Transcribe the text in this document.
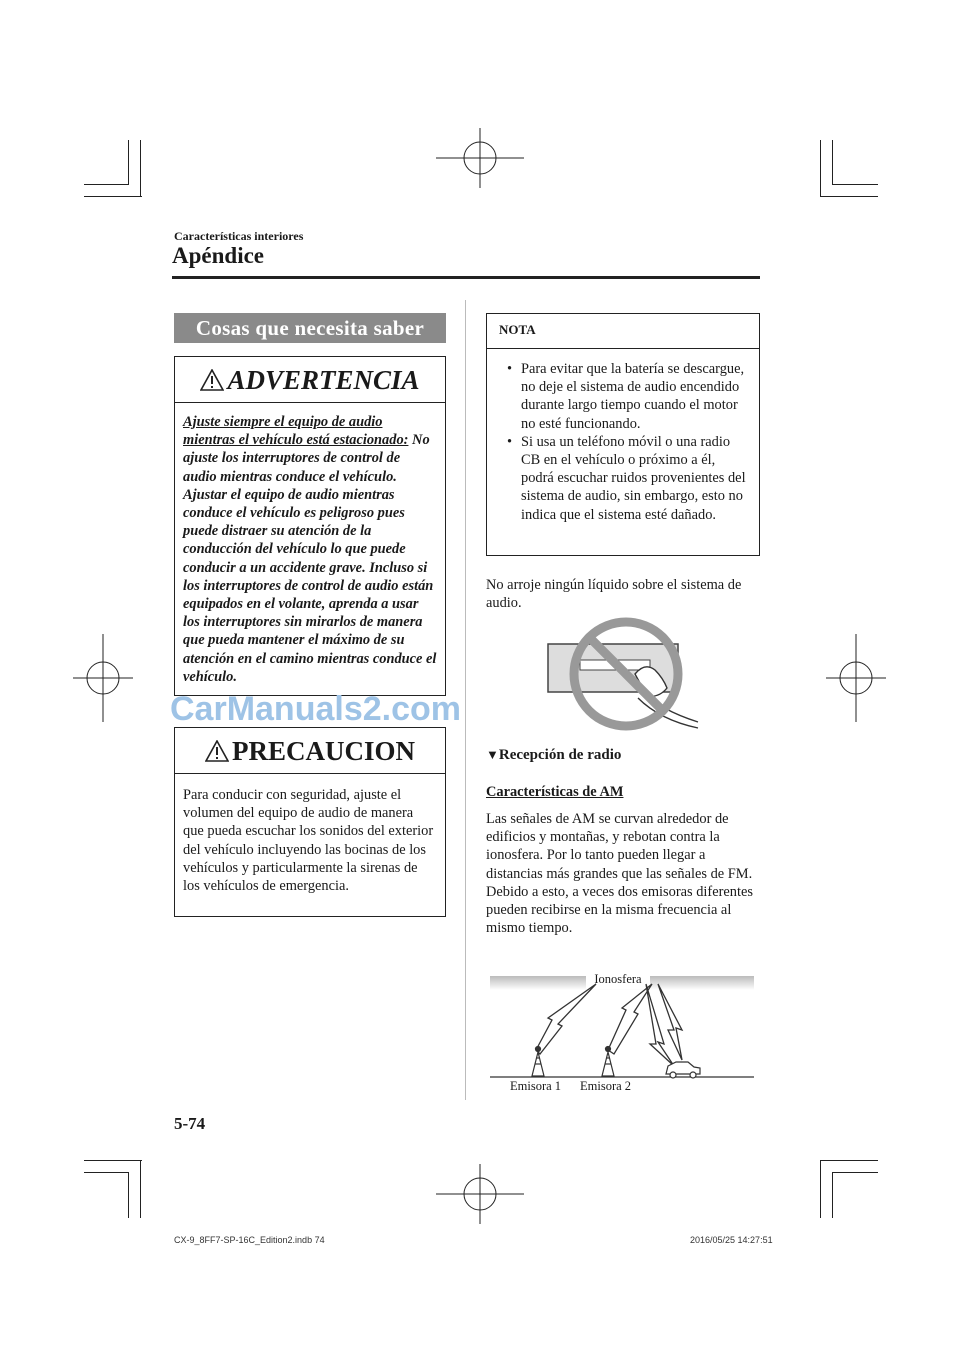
Características interiores
Apéndice
Cosas que necesita saber
ADVERTENCIA
Ajuste siempre el equipo de audio mientras el vehículo está estacionado: No ajuste los interruptores de control de audio mientras conduce el vehículo. Ajustar el equipo de audio mientras conduce el vehículo es peligroso pues puede distraer su atención de la conducción del vehículo lo que puede conducir a un accidente grave. Incluso si los interruptores de control de audio están equipados en el volante, aprenda a usar los interruptores sin mirarlos de manera que pueda mantener el máximo de su atención en el camino mientras conduce el vehículo.
CarManuals2.com
PRECAUCION
Para conducir con seguridad, ajuste el volumen del equipo de audio de manera que pueda escuchar los sonidos del exterior del vehículo incluyendo las bocinas de los vehículos y particularmente la sirenas de los vehículos de emergencia.
NOTA
• Para evitar que la batería se descargue, no deje el sistema de audio encendido durante largo tiempo cuando el motor no esté funcionando.
• Si usa un teléfono móvil o una radio CB en el vehículo o próximo a él, podrá escuchar ruidos provenientes del sistema de audio, sin embargo, esto no indica que el sistema esté dañado.
No arroje ningún líquido sobre el sistema de audio.
▼Recepción de radio
Características de AM
Las señales de AM se curvan alrededor de edificios y montañas, y rebotan contra la ionosfera. Por lo tanto pueden llegar a distancias más grandes que las señales de FM. Debido a esto, a veces dos emisoras diferentes pueden recibirse en la misma frecuencia al mismo tiempo.
Ionosfera
Emisora 1 Emisora 2
5-74
CX-9_8FF7-SP-16C_Edition2.indb 74	2016/05/25 14:27:51
